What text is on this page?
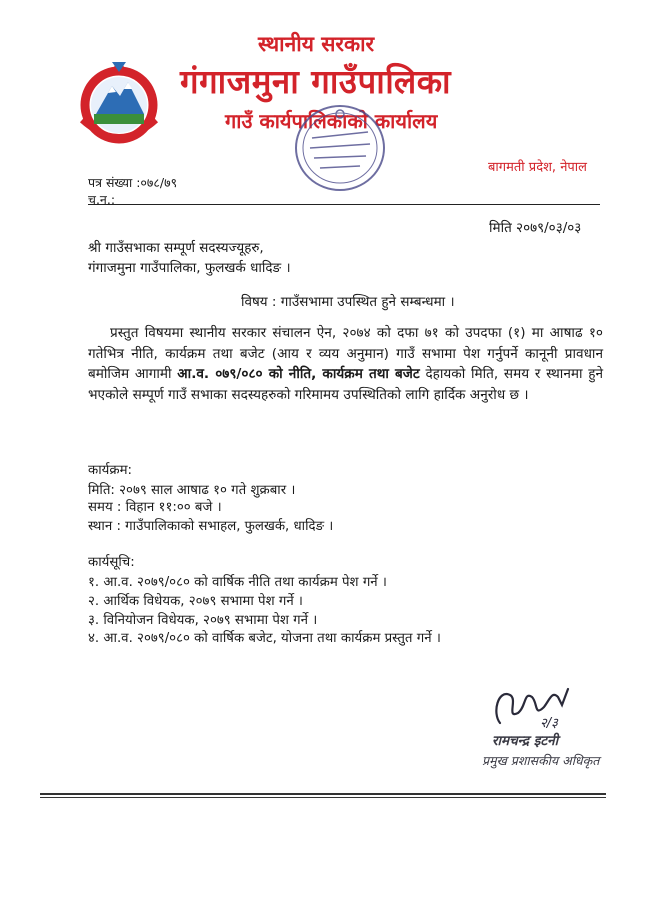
स्थानीय सरकार
गंगाजमुना गाउँपालिका
गाउँ कार्यपालिकाको कार्यालय
बागमती प्रदेश, नेपाल
पत्र संख्या :०७८/७९
च.न.:
मिति २०७९/०३/०३
श्री गाउँसभाका सम्पूर्ण सदस्यज्यूहरु,
गंगाजमुना गाउँपालिका, फुलखर्क धादिङ ।
विषय : गाउँसभामा उपस्थित हुने सम्बन्धमा ।

प्रस्तुत विषयमा स्थानीय सरकार संचालन ऐन, २०७४ को दफा ७१ को उपदफा (१) मा आषाढ १० गतेभित्र नीति, कार्यक्रम तथा बजेट (आय र व्यय अनुमान) गाउँ सभामा पेश गर्नुपर्ने कानूनी प्रावधान बमोजिम आगामी आ.व. ०७९/०८० को नीति, कार्यक्रम तथा बजेट देहायको मिति, समय र स्थानमा हुने भएकोले सम्पूर्ण गाउँ सभाका सदस्यहरुको गरिमामय उपस्थितिको लागि हार्दिक अनुरोध छ ।

कार्यक्रम:
मिति: २०७९ साल आषाढ १० गते शुक्रबार ।
समय : विहान ११:०० बजे ।
स्थान : गाउँपालिकाको सभाहल, फुलखर्क, धादिङ ।
कार्यसूचि:
१. आ.व. २०७९/०८० को वार्षिक नीति तथा कार्यक्रम पेश गर्ने ।
२. आर्थिक विधेयक, २०७९ सभामा पेश गर्ने ।
३. विनियोजन विधेयक, २०७९ सभामा पेश गर्ने ।
४. आ.व. २०७९/०८० को वार्षिक बजेट, योजना तथा कार्यक्रम प्रस्तुत गर्ने ।
२/३
रामचन्द्र इटनी
प्रमुख प्रशासकीय अधिकृत
